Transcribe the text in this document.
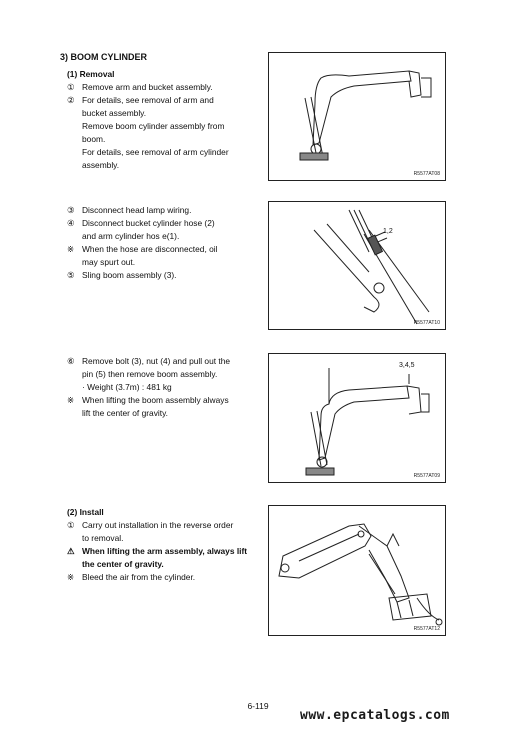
3) BOOM CYLINDER
(1) Removal
① Remove arm and bucket assembly.
② For details, see removal of arm and
bucket assembly.
Remove boom cylinder assembly from
boom.
For details, see removal of arm cylinder
assembly.
③ Disconnect head lamp wiring.
④ Disconnect bucket cylinder hose (2)
and arm cylinder hos e(1).
※ When the hose are disconnected, oil
may spurt out.
⑤ Sling boom assembly (3).
⑥ Remove bolt (3), nut (4) and pull out the
pin (5) then remove boom assembly.
· Weight (3.7m) : 481 kg
※ When lifting the boom assembly always
lift the center of gravity.
(2) Install
① Carry out installation in the reverse order
to removal.
⚠ When lifting the arm assembly, always lift
the center of gravity.
※ Bleed the air from the cylinder.
R5577AT08
1,2
R5577AT10
3,4,5
R5577AT09
R5577AT12
6-119
www.epcatalogs.com
